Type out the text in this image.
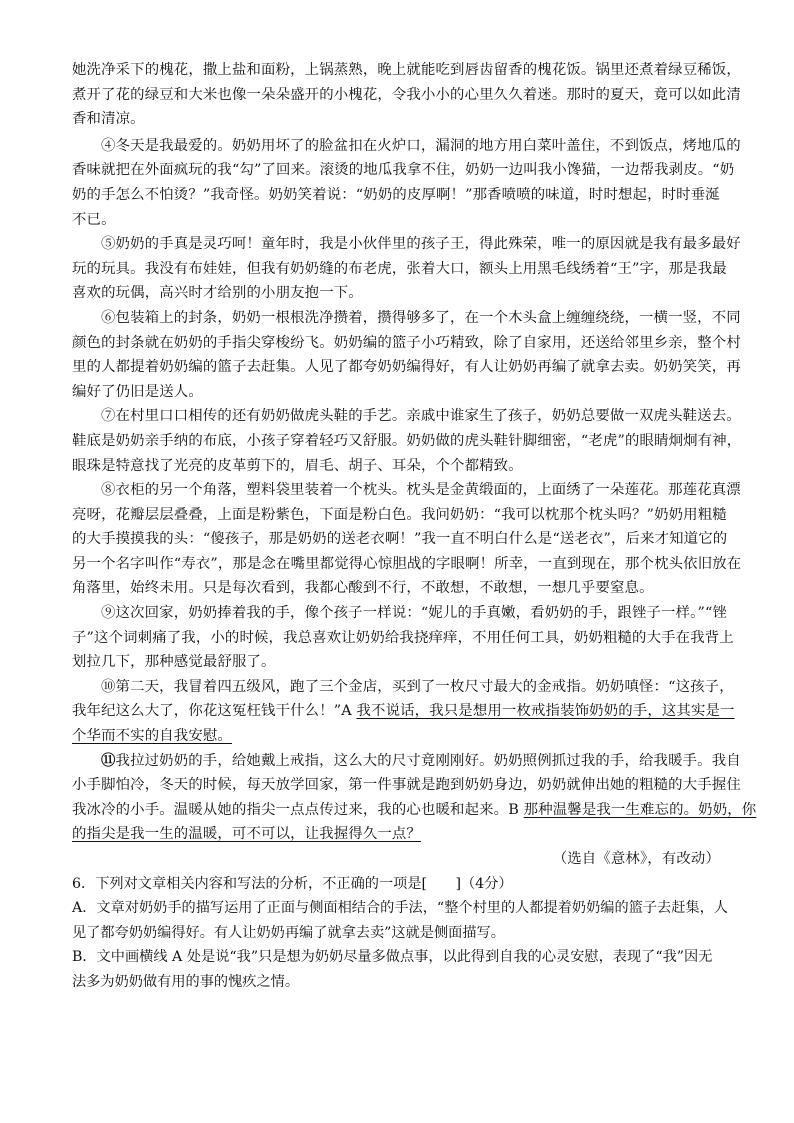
她洗净采下的槐花，撒上盐和面粉，上锅蒸熟，晚上就能吃到唇齿留香的槐花饭。锅里还煮着绿豆稀饭，
煮开了花的绿豆和大米也像一朵朵盛开的小槐花，令我小小的心里久久着迷。那时的夏天，竟可以如此清
香和清凉。
④冬天是我最爱的。奶奶用坏了的脸盆扣在火炉口，漏洞的地方用白菜叶盖住，不到饭点，烤地瓜的
香味就把在外面疯玩的我“勾”了回来。滚烫的地瓜我拿不住，奶奶一边叫我小馋猫，一边帮我剥皮。“奶
奶的手怎么不怕烫？”我奇怪。奶奶笑着说：“奶奶的皮厚啊！”那香喷喷的味道，时时想起，时时垂涎
不已。
⑤奶奶的手真是灵巧呵！童年时，我是小伙伴里的孩子王，得此殊荣，唯一的原因就是我有最多最好
玩的玩具。我没有布娃娃，但我有奶奶缝的布老虎，张着大口，额头上用黑毛线绣着“王”字，那是我最
喜欢的玩偶，高兴时才给别的小朋友抱一下。
⑥包装箱上的封条，奶奶一根根洗净攒着，攒得够多了，在一个木头盒上缠缠绕绕，一横一竖，不同
颜色的封条就在奶奶的手指尖穿梭纷飞。奶奶编的篮子小巧精致，除了自家用，还送给邻里乡亲，整个村
里的人都提着奶奶编的篮子去赶集。人见了都夸奶奶编得好，有人让奶奶再编了就拿去卖。奶奶笑笑，再
编好了仍旧是送人。
⑦在村里口口相传的还有奶奶做虎头鞋的手艺。亲戚中谁家生了孩子，奶奶总要做一双虎头鞋送去。
鞋底是奶奶亲手纳的布底，小孩子穿着轻巧又舒服。奶奶做的虎头鞋针脚细密，“老虎”的眼睛炯炯有神，
眼珠是特意找了光亮的皮革剪下的，眉毛、胡子、耳朵，个个都精致。
⑧衣柜的另一个角落，塑料袋里装着一个枕头。枕头是金黄缎面的，上面绣了一朵莲花。那莲花真漂
亮呀，花瓣层层叠叠，上面是粉紫色，下面是粉白色。我问奶奶：“我可以枕那个枕头吗？”奶奶用粗糙
的大手摸摸我的头：“傻孩子，那是奶奶的送老衣啊！”我一直不明白什么是“送老衣”，后来才知道它的
另一个名字叫作“寿衣”，那是念在嘴里都觉得心惊胆战的字眼啊！所幸，一直到现在，那个枕头依旧放在
角落里，始终未用。只是每次看到，我都心酸到不行，不敢想，不敢想，一想几乎要窒息。
⑨这次回家，奶奶捧着我的手，像个孩子一样说：“妮儿的手真嫩，看奶奶的手，跟锉子一样。”“锉
子”这个词刺痛了我，小的时候，我总喜欢让奶奶给我挠痒痒，不用任何工具，奶奶粗糙的大手在我背上
划拉几下，那种感觉最舒服了。
⑩第二天，我冒着四五级风，跑了三个金店，买到了一枚尺寸最大的金戒指。奶奶嗔怪：“这孩子，
我年纪这么大了，你花这冤枉钱干什么！”A 我不说话，我只是想用一枚戒指装饰奶奶的手，这其实是一
个华而不实的自我安慰。
⑪我拉过奶奶的手，给她戴上戒指，这么大的尺寸竟刚刚好。奶奶照例抓过我的手，给我暖手。我自
小手脚怕冷，冬天的时候，每天放学回家，第一件事就是跑到奶奶身边，奶奶就伸出她的粗糙的大手握住
我冰冷的小手。温暖从她的指尖一点点传过来，我的心也暖和起来。B 那种温馨是我一生难忘的。奶奶，你
的指尖是我一生的温暖，可不可以，让我握得久一点？
（选自《意林》，有改动）
6．下列对文章相关内容和写法的分析，不正确的一项是[　　]（4分）
A．文章对奶奶手的描写运用了正面与侧面相结合的手法，“整个村里的人都提着奶奶编的篮子去赶集，人
见了都夸奶奶编得好。有人让奶奶再编了就拿去卖”这就是侧面描写。
B．文中画横线 A 处是说“我”只是想为奶奶尽量多做点事，以此得到自我的心灵安慰，表现了“我”因无
法多为奶奶做有用的事的愧疚之情。
